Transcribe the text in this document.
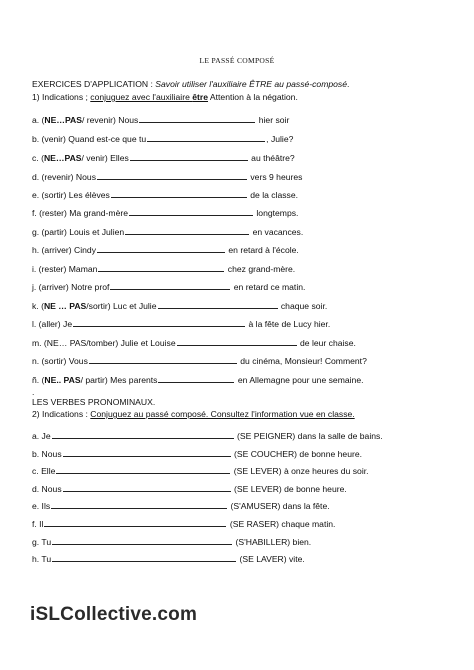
LE PASSÉ COMPOSÉ
EXERCICES D'APPLICATION : Savoir utiliser l'auxiliaire ÊTRE au passé-composé.
1) Indications ; conjuguez avec l'auxiliaire être Attention à la négation.
a. (NE…PAS/ revenir) Nous	hier soir
b. (venir) Quand est-ce que tu	, Julie?
c. (NE…PAS/ venir) Elles	au théâtre?
d. (revenir) Nous	vers 9 heures
e. (sortir) Les élèves	de la classe.
f. (rester) Ma grand-mère	longtemps.
g. (partir) Louis et Julien	en vacances.
h. (arriver) Cindy	en retard à l'école.
i. (rester) Maman	chez grand-mère.
j. (arriver) Notre prof	en retard ce matin.
k. (NE … PAS/sortir) Luc et Julie	chaque soir.
l. (aller) Je	à la fête de Lucy hier.
m. (NE… PAS/tomber) Julie et Louise	de leur chaise.
n. (sortir) Vous	du cinéma, Monsieur! Comment?
ñ. (NE.. PAS/ partir) Mes parents	en Allemagne pour une semaine.
.
LES VERBES PRONOMINAUX.
2) Indications : Conjuguez au passé composé. Consultez l'information vue en classe.
a. Je	(SE PEIGNER) dans la salle de bains.
b. Nous	(SE COUCHER) de bonne heure.
c. Elle	(SE LEVER) à onze heures du soir.
d. Nous	(SE LEVER) de bonne heure.
e. Ils	(S'AMUSER) dans la fête.
f. Il	(SE RASER) chaque matin.
g. Tu	(S'HABILLER) bien.
h. Tu	(SE LAVER) vite.
iSLCollective.com
